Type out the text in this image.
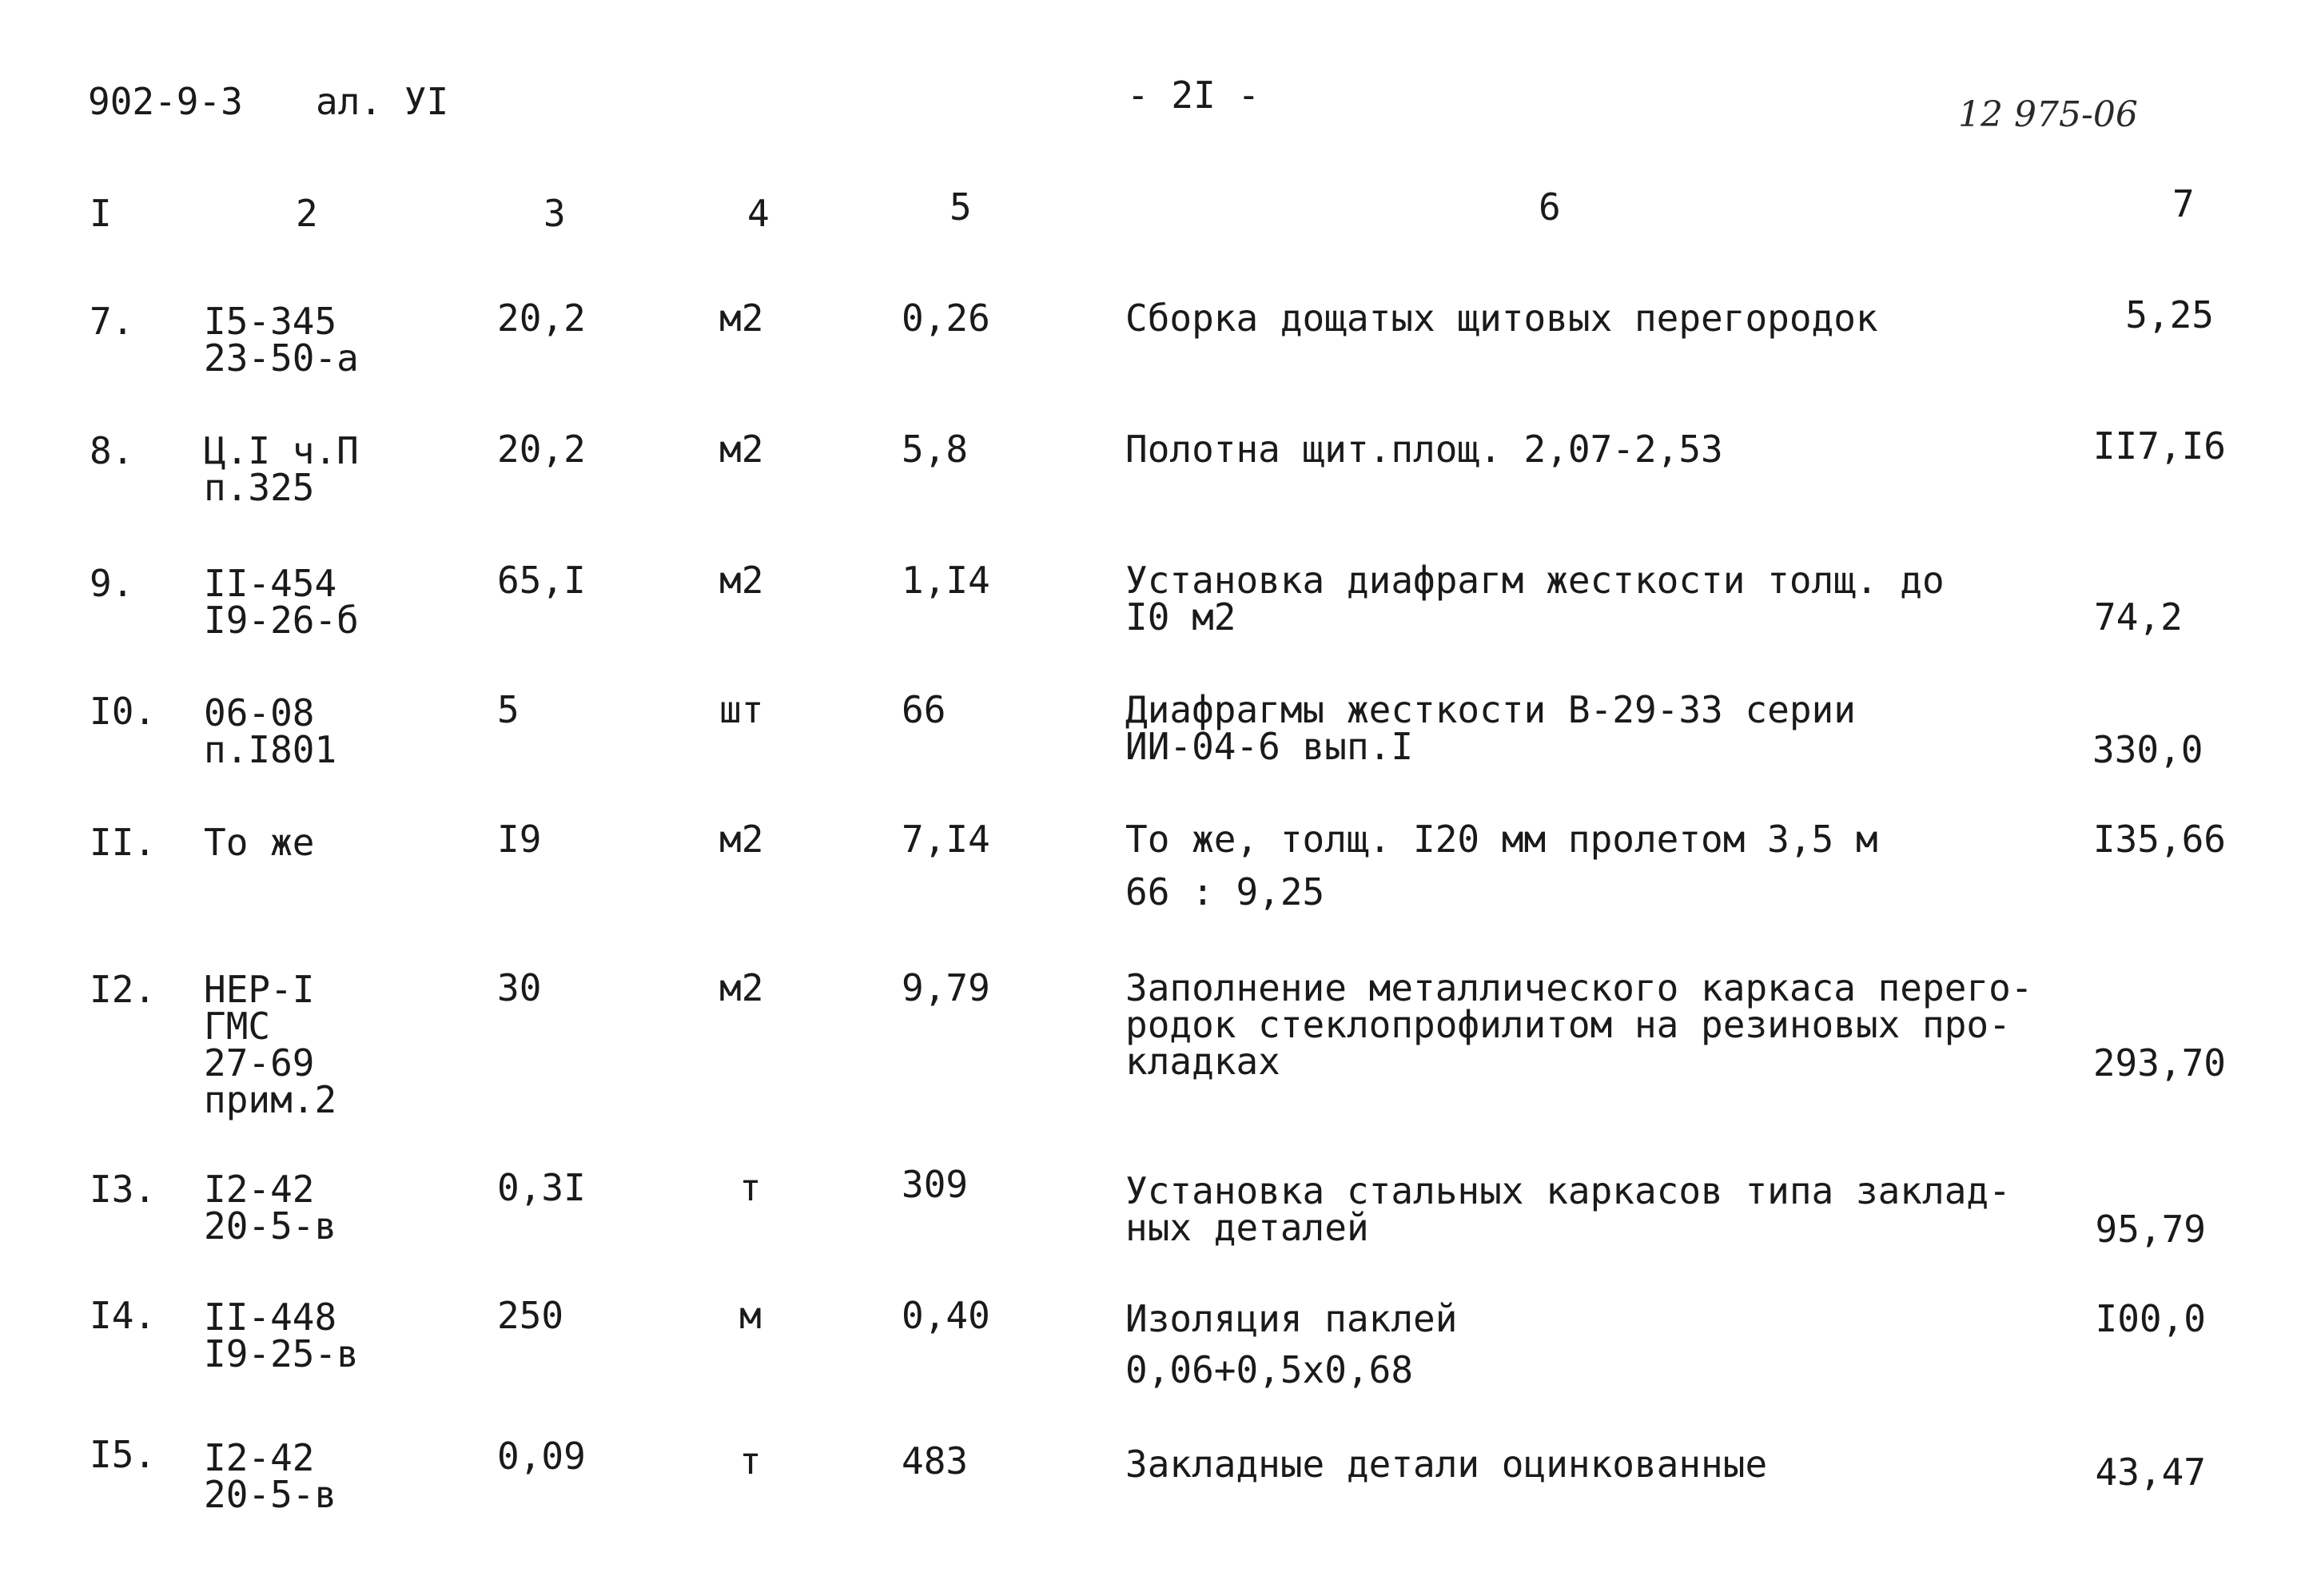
902-9-3 ал. УI	- 2I -	12 975-06
I	2	3	4	5	6	7
7. I5-345
23-50-a
20,2	м2	0,26	Сборка дощатых щитовых перегородок	5,25
8. Ц.I ч.П
п.325
20,2	м2	5,8	Полотна щит.площ. 2,07-2,53	II7,I6
9. II-454
I9-26-б
65,I	м2	1,I4	Установка диафрагм жесткости толщ. до
I0 м2	74,2
I0. 06-08
п.I801
5	шт	66	Диафрагмы жесткости В-29-33 серии
ИИ-04-6 вып.I	330,0
II. То же	I9	м2	7,I4	То же, толщ. I20 мм пролетом 3,5 м
66 : 9,25
I35,66
I2. НЕР-I
ГМС
27-69
прим.2
30	м2	9,79	Заполнение металлического каркаса перего-
родок стеклопрофилитом на резиновых про-
кладках	293,70
I3. I2-42
20-5-в
0,3I	т	309	Установка стальных каркасов типа заклад-
ных деталей	95,79
I4. II-448
I9-25-в
250	м	0,40	Изоляция паклей
0,06+0,5х0,68
I00,0
I5. I2-42
20-5-в
0,09	т	483	Закладные детали оцинкованные	43,47
